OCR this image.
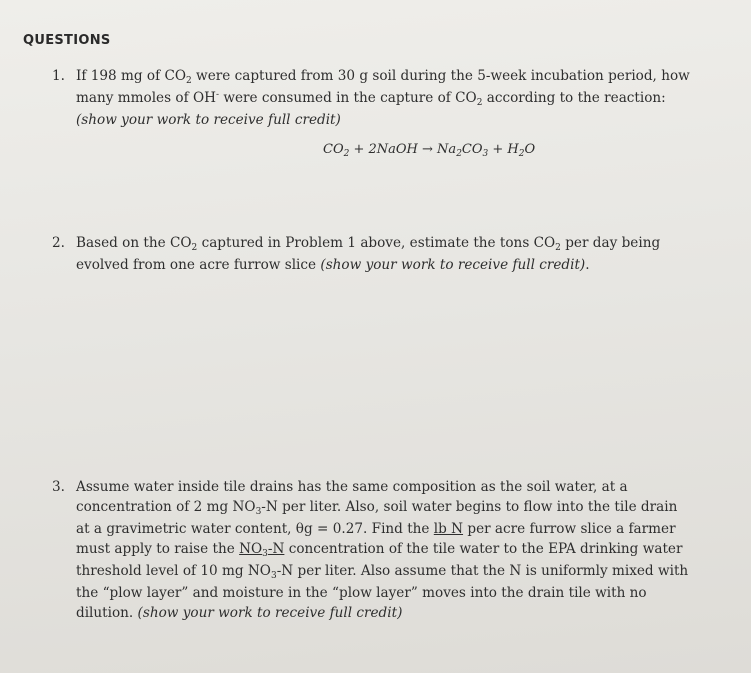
QUESTIONS
1. If 198 mg of $CO_2$ were captured from 30 g soil during the 5-week incubation period, how many mmoles of OH- were consumed in the capture of $CO_2$ according to the reaction: (show your work to receive full credit)
$CO_2$ + 2NaOH → $Na_2CO_3 + H_2O$
2. Based on the $CO_2$ captured in Problem 1 above, estimate the tons $CO_2$ per day being evolved from one acre furrow slice (show your work to receive full credit).
3. Assume water inside tile drains has the same composition as the soil water, at a concentration of 2 mg $NO_3-N$ per liter. Also, soil water begins to flow into the tile drain at a gravimetric water content, θg = 0.27. Find the lb N per acre furrow slice a farmer must apply to raise the $NO_3-N$ concentration of the tile water to the EPA drinking water threshold level of 10 mg $NO_3-N$ per liter. Also assume that the N is uniformly mixed with the “plow layer” and moisture in the “plow layer” moves into the drain tile with no dilution. (show your work to receive full credit)
